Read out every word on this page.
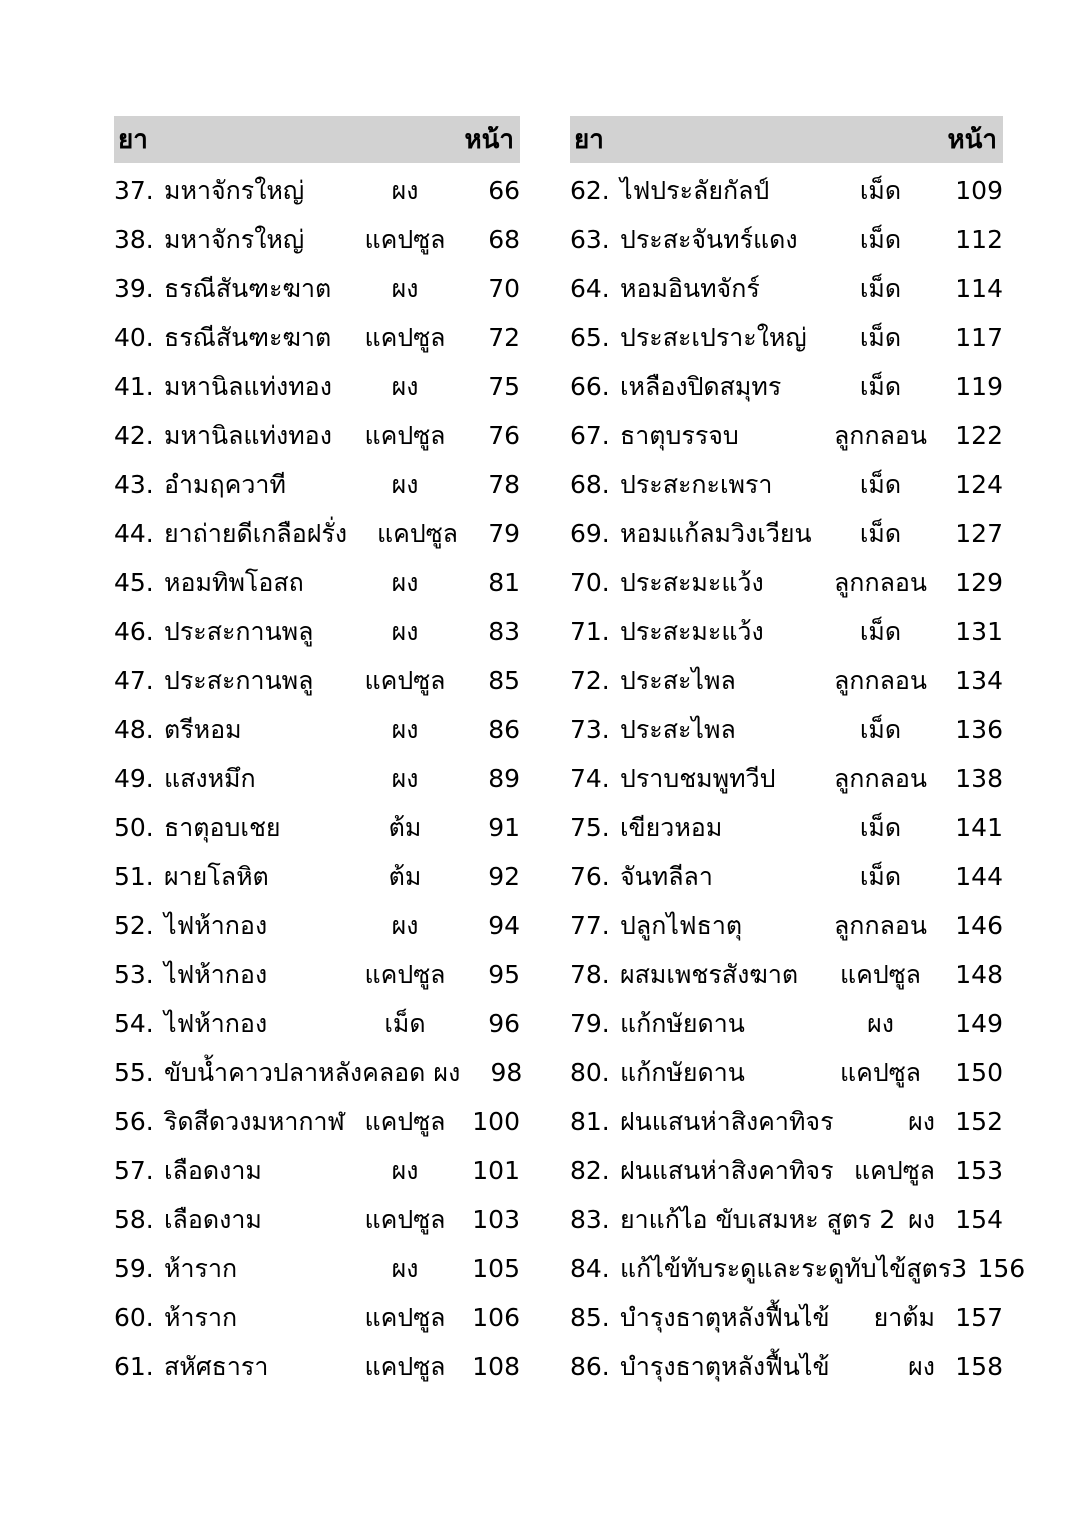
ยา	หน้า
37. มหาจักรใหญ่	ผง	66
38. มหาจักรใหญ่	แคปซูล	68
39. ธรณีสันฑะฆาต	ผง	70
40. ธรณีสันฑะฆาต	แคปซูล	72
41. มหานิลแท่งทอง	ผง	75
42. มหานิลแท่งทอง	แคปซูล	76
43. อำมฤควาที	ผง	78
44. ยาถ่ายดีเกลือฝรั่ง	แคปซูล	79
45. หอมทิพโอสถ	ผง	81
46. ประสะกานพลู	ผง	83
47. ประสะกานพลู	แคปซูล	85
48. ตรีหอม	ผง	86
49. แสงหมึก	ผง	89
50. ธาตุอบเชย	ต้ม	91
51. ผายโลหิต	ต้ม	92
52. ไฟห้ากอง	ผง	94
53. ไฟห้ากอง	แคปซูล	95
54. ไฟห้ากอง	เม็ด	96
55. ขับน้ำคาวปลาหลังคลอด ผง	98
56. ริดสีดวงมหากาฬ แคปซูล	100
57. เลือดงาม	ผง	101
58. เลือดงาม	แคปซูล	103
59. ห้าราก	ผง	105
60. ห้าราก	แคปซูล	106
61. สหัศธารา	แคปซูล	108
ยา	หน้า
62. ไฟประลัยกัลป์	เม็ด	109
63. ประสะจันทร์แดง	เม็ด	112
64. หอมอินทจักร์	เม็ด	114
65. ประสะเปราะใหญ่	เม็ด	117
66. เหลืองปิดสมุทร	เม็ด	119
67. ธาตุบรรจบ	ลูกกลอน	122
68. ประสะกะเพรา	เม็ด	124
69. หอมแก้ลมวิงเวียน	เม็ด	127
70. ประสะมะแว้ง	ลูกกลอน	129
71. ประสะมะแว้ง	เม็ด	131
72. ประสะไพล	ลูกกลอน	134
73. ประสะไพล	เม็ด	136
74. ปราบชมพูทวีป	ลูกกลอน	138
75. เขียวหอม	เม็ด	141
76. จันทลีลา	เม็ด	144
77. ปลูกไฟธาตุ	ลูกกลอน	146
78. ผสมเพชรสังฆาต	แคปซูล	148
79. แก้กษัยดาน	ผง	149
80. แก้กษัยดาน	แคปซูล	150
81. ฝนแสนห่าสิงคาทิจร	ผง 152
82. ฝนแสนห่าสิงคาทิจร แคปซูล 153
83. ยาแก้ไอ ขับเสมหะ สูตร 2 ผง 154
84. แก้ไข้ทับระดูและระดูทับไข้ สูตร3 156
85. บำรุงธาตุหลังฟื้นไข้	ยาต้ม 157
86. บำรุงธาตุหลังฟื้นไข้	ผง 158
